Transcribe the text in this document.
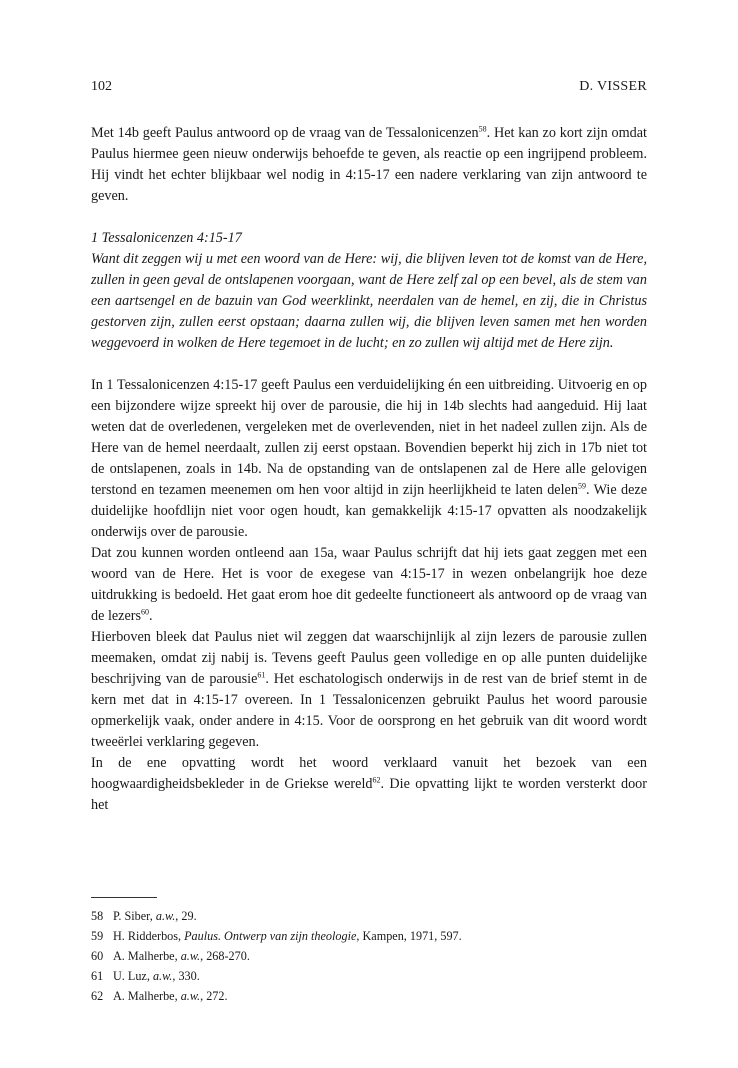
102	D. VISSER

Met 14b geeft Paulus antwoord op de vraag van de Tessalonicenzen$^{58}$. Het kan zo kort zijn omdat Paulus hiermee geen nieuw onderwijs behoefde te geven, als reactie op een ingrijpend probleem. Hij vindt het echter blijkbaar wel nodig in 4:15-17 een nadere verklaring van zijn antwoord te geven.

1 Tessalonicenzen 4:15-17

Want dit zeggen wij u met een woord van de Here: wij, die blijven leven tot de komst van de Here, zullen in geen geval de ontslapenen voorgaan, want de Here zelf zal op een bevel, als de stem van een aartsengel en de bazuin van God weerklinkt, neerdalen van de hemel, en zij, die in Christus gestorven zijn, zullen eerst opstaan; daarna zullen wij, die blijven leven samen met hen worden weggevoerd in wolken de Here tegemoet in de lucht; en zo zullen wij altijd met de Here zijn.

In 1 Tessalonicenzen 4:15-17 geeft Paulus een verduidelijking én een uitbreiding. Uitvoerig en op een bijzondere wijze spreekt hij over de parousie, die hij in 14b slechts had aangeduid. Hij laat weten dat de overledenen, vergeleken met de overlevenden, niet in het nadeel zullen zijn. Als de Here van de hemel neerdaalt, zullen zij eerst opstaan. Bovendien beperkt hij zich in 17b niet tot de ontslapenen, zoals in 14b. Na de opstanding van de ontslapenen zal de Here alle gelovigen terstond en tezamen meenemen om hen voor altijd in zijn heerlijkheid te laten delen$^{59}$. Wie deze duidelijke hoofdlijn niet voor ogen houdt, kan gemakkelijk 4:15-17 opvatten als noodzakelijk onderwijs over de parousie.

Dat zou kunnen worden ontleend aan 15a, waar Paulus schrijft dat hij iets gaat zeggen met een woord van de Here. Het is voor de exegese van 4:15-17 in wezen onbelangrijk hoe deze uitdrukking is bedoeld. Het gaat erom hoe dit gedeelte functioneert als antwoord op de vraag van de lezers$^{60}$.

Hierboven bleek dat Paulus niet wil zeggen dat waarschijnlijk al zijn lezers de parousie zullen meemaken, omdat zij nabij is. Tevens geeft Paulus geen volledige en op alle punten duidelijke beschrijving van de parousie$^{61}$. Het eschatologisch onderwijs in de rest van de brief stemt in de kern met dat in 4:15-17 overeen. In 1 Tessalonicenzen gebruikt Paulus het woord parousie opmerkelijk vaak, onder andere in 4:15. Voor de oorsprong en het gebruik van dit woord wordt tweeërlei verklaring gegeven.

In de ene opvatting wordt het woord verklaard vanuit het bezoek van een hoogwaardigheidsbekleder in de Griekse wereld$^{62}$. Die opvatting lijkt te worden versterkt door het

58 P. Siber, a.w., 29.
59 H. Ridderbos, Paulus. Ontwerp van zijn theologie, Kampen, 1971, 597.
60 A. Malherbe, a.w., 268-270.
61 U. Luz, a.w., 330.
62 A. Malherbe, a.w., 272.
